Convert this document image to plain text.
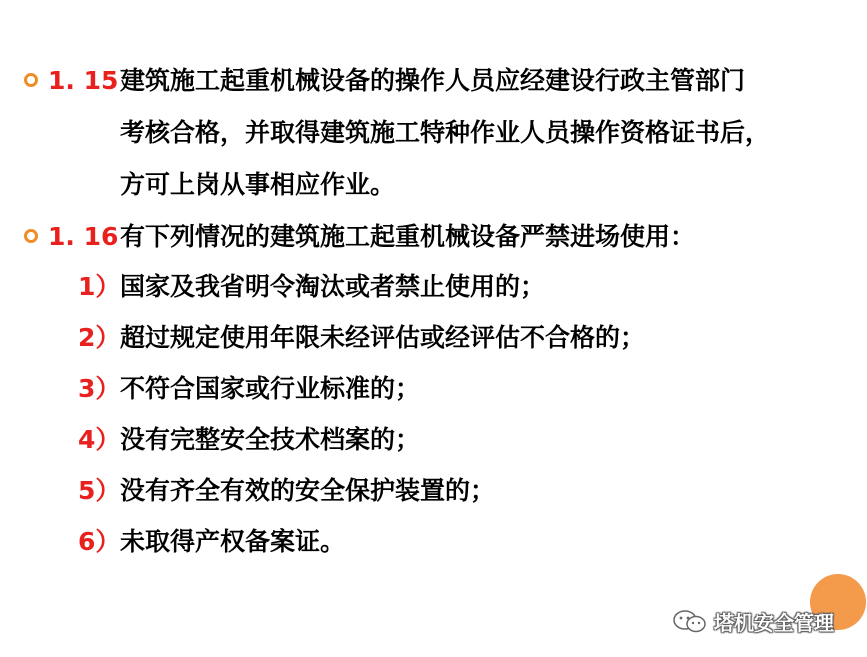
1. 15 建筑施工起重机械设备的操作人员应经建设行政主管部门
考核合格，并取得建筑施工特种作业人员操作资格证书后，
方可上岗从事相应作业。
1. 16 有下列情况的建筑施工起重机械设备严禁进场使用：
1） 国家及我省明令淘汰或者禁止使用的；
2） 超过规定使用年限未经评估或经评估不合格的；
3） 不符合国家或行业标准的；
4） 没有完整安全技术档案的；
5） 没有齐全有效的安全保护装置的；
6） 未取得产权备案证。
塔机安全管理
